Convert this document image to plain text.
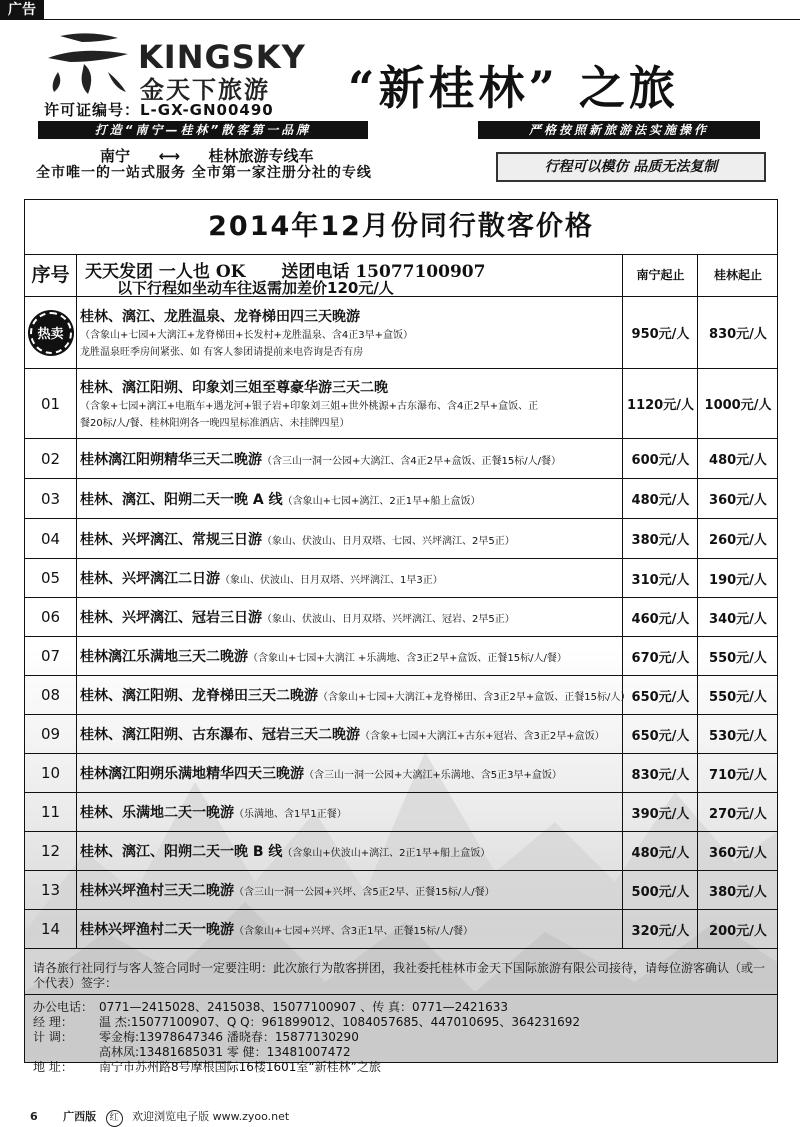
广告
KINGSKY
金天下旅游
许可证编号：L-GX-GN00490 “新桂林” 之旅
打造“南宁—桂林”散客第一品牌	严格按照新旅游法实施操作
南宁 ⟷ 桂林旅游专线车
全市唯一的一站式服务 全市第一家注册分社的专线	行程可以模仿 品质无法复制
2014年12月份同行散客价格
序号 天天发团 一人也 OK 送团电话 15077100907
以下行程如坐动车往返需加差价120元/人
南宁起止	桂林起止
热卖
桂林、漓江、龙胜温泉、龙脊梯田四三天晚游
（含象山+七园+大漓江+龙脊梯田+长发村+龙胜温泉、含4正3早+盒饭）
龙胜温泉旺季房间紧张、如 有客人参团请提前来电咨询是否有房
950元/人	830元/人
01
桂林、漓江阳朔、印象刘三姐至尊豪华游三天二晚
（含象+七园+漓江+电瓶车+遇龙河+银子岩+印象刘三姐+世外桃源+古东瀑布、含4正2早+盒饭、正
餐20标/人/餐、桂林阳朔各一晚四星标准酒店、未挂牌四星）
1120元/人 1000元/人
02	桂林漓江阳朔精华三天二晚游（含三山一洞一公园+大漓江、含4正2早+盒饭、正餐15标/人/餐）	600元/人	480元/人
03	桂林、漓江、阳朔二天一晚 A 线（含象山+七园+漓江、2正1早+船上盒饭）	480元/人	360元/人
04	桂林、兴坪漓江、常规三日游（象山、伏波山、日月双塔、七园、兴坪漓江、2早5正）	380元/人	260元/人
05	桂林、兴坪漓江二日游（象山、伏波山、日月双塔、兴坪漓江、1早3正）	310元/人	190元/人
06	桂林、兴坪漓江、冠岩三日游（象山、伏波山、日月双塔、兴坪漓江、冠岩、2早5正）	460元/人	340元/人
07	桂林漓江乐满地三天二晚游（含象山+七园+大漓江 +乐满地、含3正2早+盒饭、正餐15标/人/餐）	670元/人	550元/人
08	桂林、漓江阳朔、龙脊梯田三天二晚游（含象山+七园+大漓江+龙脊梯田、含3正2早+盒饭、正餐15标/人） 650元/人	550元/人
09	桂林、漓江阳朔、古东瀑布、冠岩三天二晚游（含象+七园+大漓江+古东+冠岩、含3正2早+盒饭）	650元/人	530元/人
10	桂林漓江阳朔乐满地精华四天三晚游（含三山一洞一公园+大漓江+乐满地、含5正3早+盒饭）	830元/人	710元/人
11	桂林、乐满地二天一晚游（乐满地、含1早1正餐）	390元/人	270元/人
12	桂林、漓江、阳朔二天一晚 B 线（含象山+伏波山+漓江、2正1早+船上盒饭）	480元/人	360元/人
13	桂林兴坪渔村三天二晚游（含三山一洞一公园+兴坪、含5正2早、正餐15标/人/餐）	500元/人	380元/人
14	桂林兴坪渔村二天一晚游（含象山+七园+兴坪、含3正1早、正餐15标/人/餐）	320元/人	200元/人
请各旅行社同行与客人签合同时一定要注明：此次旅行为散客拼团，我社委托桂林市金天下国际旅游有限公司接待，请每位游客确认（或一个代表）签字：
办公电话： 0771—2415028、2415038、15077100907 、传 真：0771—2421633
经 理： 温 杰:15077100907、Q Q：961899012、1084057685、447010695、364231692
计 调： 零金梅:13978647346 潘晓春：15877130290
高林凤:13481685031 零 健：13481007472
地 址： 南宁市苏州路8号摩根国际16楼1601室“新桂林”之旅
6 广西版 红 欢迎浏览电子版 www.zyoo.net
